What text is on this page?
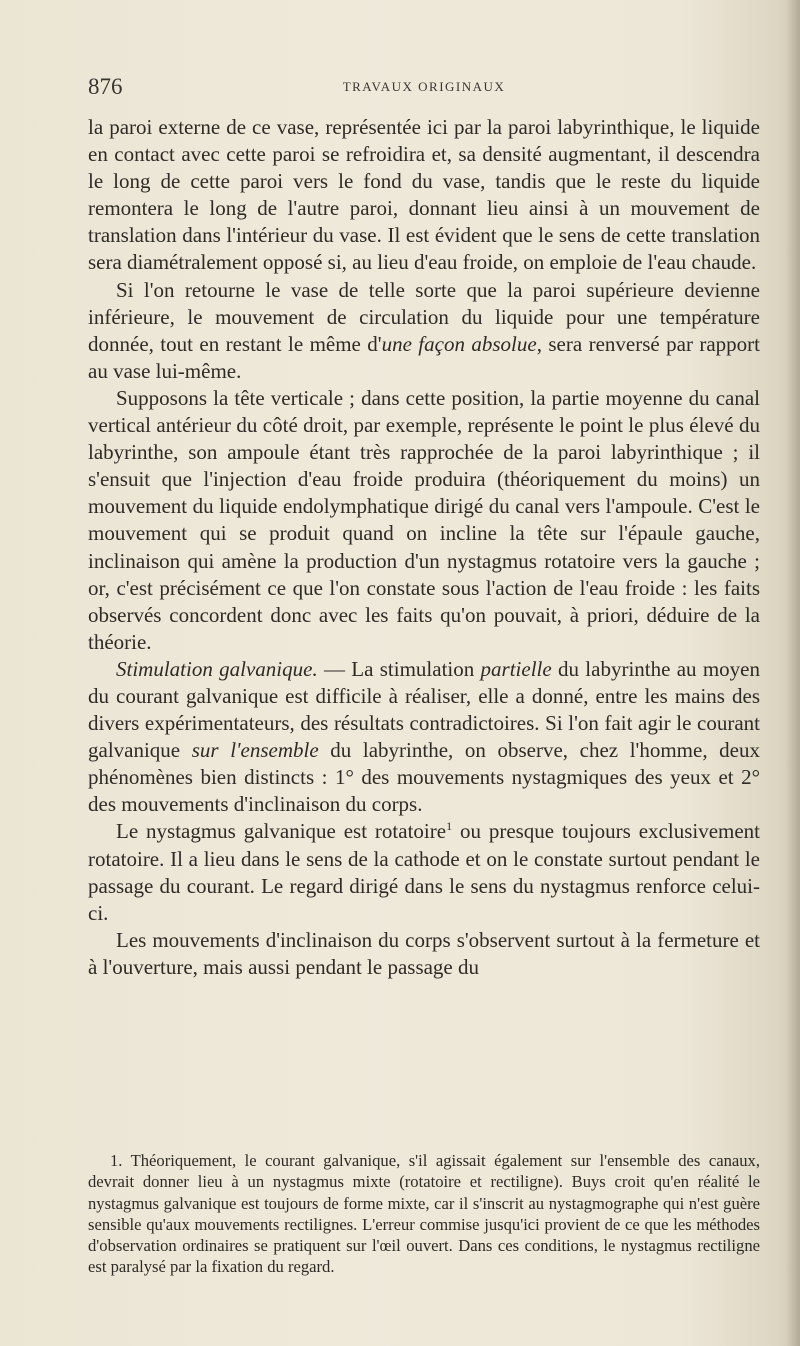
876	TRAVAUX ORIGINAUX

la paroi externe de ce vase, représentée ici par la paroi labyrinthique, le liquide en contact avec cette paroi se refroidira et, sa densité augmentant, il descendra le long de cette paroi vers le fond du vase, tandis que le reste du liquide remontera le long de l'autre paroi, donnant lieu ainsi à un mouvement de translation dans l'intérieur du vase. Il est évident que le sens de cette translation sera diamétralement opposé si, au lieu d'eau froide, on emploie de l'eau chaude.

Si l'on retourne le vase de telle sorte que la paroi supérieure devienne inférieure, le mouvement de circulation du liquide pour une température donnée, tout en restant le même d'une façon absolue, sera renversé par rapport au vase lui-même.

Supposons la tête verticale ; dans cette position, la partie moyenne du canal vertical antérieur du côté droit, par exemple, représente le point le plus élevé du labyrinthe, son ampoule étant très rapprochée de la paroi labyrinthique ; il s'ensuit que l'injection d'eau froide produira (théoriquement du moins) un mouvement du liquide endolymphatique dirigé du canal vers l'ampoule. C'est le mouvement qui se produit quand on incline la tête sur l'épaule gauche, inclinaison qui amène la production d'un nystagmus rotatoire vers la gauche ; or, c'est précisément ce que l'on constate sous l'action de l'eau froide : les faits observés concordent donc avec les faits qu'on pouvait, à priori, déduire de la théorie.

Stimulation galvanique. — La stimulation partielle du labyrinthe au moyen du courant galvanique est difficile à réaliser, elle a donné, entre les mains des divers expérimentateurs, des résultats contradictoires. Si l'on fait agir le courant galvanique sur l'ensemble du labyrinthe, on observe, chez l'homme, deux phénomènes bien distincts : 1° des mouvements nystagmiques des yeux et 2° des mouvements d'inclinaison du corps.

Le nystagmus galvanique est rotatoire$^1$ ou presque toujours exclusivement rotatoire. Il a lieu dans le sens de la cathode et on le constate surtout pendant le passage du courant. Le regard dirigé dans le sens du nystagmus renforce celui-ci.

Les mouvements d'inclinaison du corps s'observent surtout à la fermeture et à l'ouverture, mais aussi pendant le passage du

1. Théoriquement, le courant galvanique, s'il agissait également sur l'ensemble des canaux, devrait donner lieu à un nystagmus mixte (rotatoire et rectiligne). Buys croit qu'en réalité le nystagmus galvanique est toujours de forme mixte, car il s'inscrit au nystagmographe qui n'est guère sensible qu'aux mouvements rectilignes. L'erreur commise jusqu'ici provient de ce que les méthodes d'observation ordinaires se pratiquent sur l'œil ouvert. Dans ces conditions, le nystagmus rectiligne est paralysé par la fixation du regard.
